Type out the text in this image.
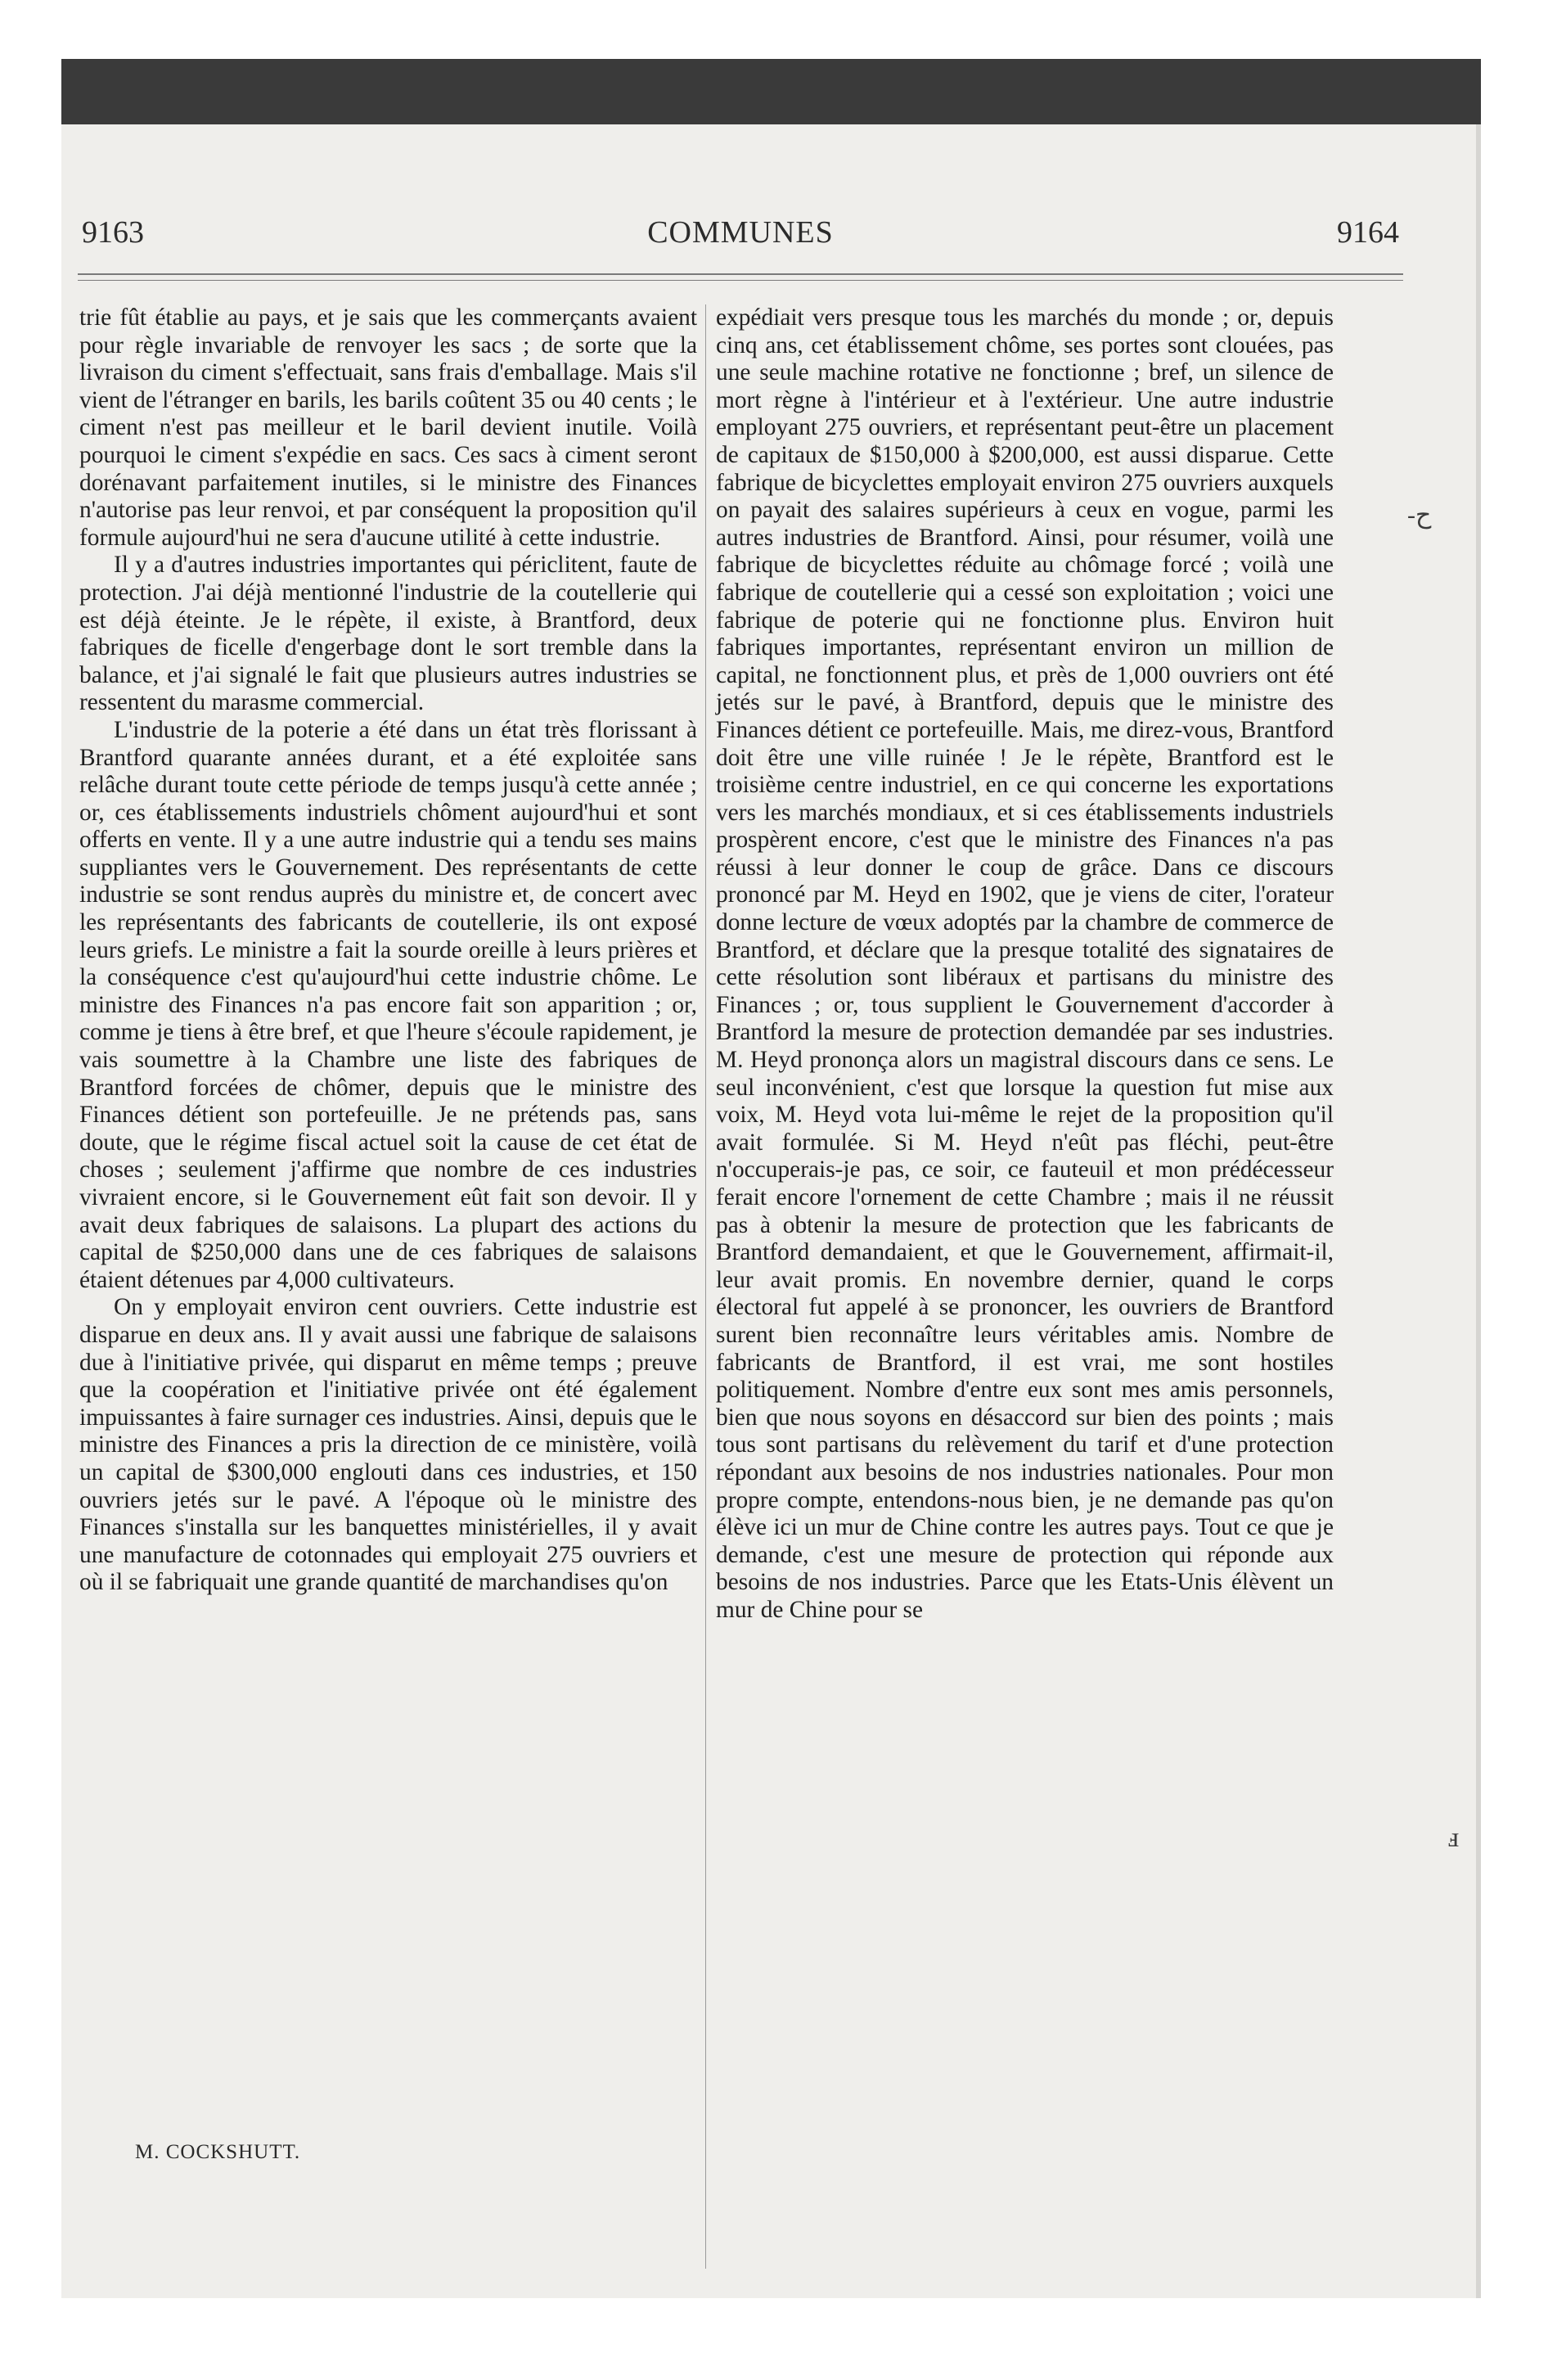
9163	COMMUNES	9164

trie fût établie au pays, et je sais que les commerçants avaient pour règle invariable de renvoyer les sacs ; de sorte que la livraison du ciment s'effectuait, sans frais d'emballage. Mais s'il vient de l'étranger en barils, les barils coûtent 35 ou 40 cents ; le ciment n'est pas meilleur et le baril devient inutile. Voilà pourquoi le ciment s'expédie en sacs. Ces sacs à ciment seront dorénavant parfaitement inutiles, si le ministre des Finances n'autorise pas leur renvoi, et par conséquent la proposition qu'il formule aujourd'hui ne sera d'aucune utilité à cette industrie.

Il y a d'autres industries importantes qui périclitent, faute de protection. J'ai déjà mentionné l'industrie de la coutellerie qui est déjà éteinte. Je le répète, il existe, à Brantford, deux fabriques de ficelle d'engerbage dont le sort tremble dans la balance, et j'ai signalé le fait que plusieurs autres industries se ressentent du marasme commercial.

L'industrie de la poterie a été dans un état très florissant à Brantford quarante années durant, et a été exploitée sans relâche durant toute cette période de temps jusqu'à cette année ; or, ces établissements industriels chôment aujourd'hui et sont offerts en vente. Il y a une autre industrie qui a tendu ses mains suppliantes vers le Gouvernement. Des représentants de cette industrie se sont rendus auprès du ministre et, de concert avec les représentants des fabricants de coutellerie, ils ont exposé leurs griefs. Le ministre a fait la sourde oreille à leurs prières et la conséquence c'est qu'aujourd'hui cette industrie chôme. Le ministre des Finances n'a pas encore fait son apparition ; or, comme je tiens à être bref, et que l'heure s'écoule rapidement, je vais soumettre à la Chambre une liste des fabriques de Brantford forcées de chômer, depuis que le ministre des Finances détient son portefeuille. Je ne prétends pas, sans doute, que le régime fiscal actuel soit la cause de cet état de choses ; seulement j'affirme que nombre de ces industries vivraient encore, si le Gouvernement eût fait son devoir. Il y avait deux fabriques de salaisons. La plupart des actions du capital de $250,000 dans une de ces fabriques de salaisons étaient détenues par 4,000 cultivateurs.

On y employait environ cent ouvriers. Cette industrie est disparue en deux ans. Il y avait aussi une fabrique de salaisons due à l'initiative privée, qui disparut en même temps ; preuve que la coopération et l'initiative privée ont été également impuissantes à faire surnager ces industries. Ainsi, depuis que le ministre des Finances a pris la direction de ce ministère, voilà un capital de $300,000 englouti dans ces industries, et 150 ouvriers jetés sur le pavé. A l'époque où le ministre des Finances s'installa sur les banquettes ministérielles, il y avait une manufacture de cotonnades qui employait 275 ouvriers et où il se fabriquait une grande quantité de marchandises qu'on

expédiait vers presque tous les marchés du monde ; or, depuis cinq ans, cet établissement chôme, ses portes sont clouées, pas une seule machine rotative ne fonctionne ; bref, un silence de mort règne à l'intérieur et à l'extérieur. Une autre industrie employant 275 ouvriers, et représentant peut-être un placement de capitaux de $150,000 à $200,000, est aussi disparue. Cette fabrique de bicyclettes employait environ 275 ouvriers auxquels on payait des salaires supérieurs à ceux en vogue, parmi les autres industries de Brantford. Ainsi, pour résumer, voilà une fabrique de bicyclettes réduite au chômage forcé ; voilà une fabrique de coutellerie qui a cessé son exploitation ; voici une fabrique de poterie qui ne fonctionne plus. Environ huit fabriques importantes, représentant environ un million de capital, ne fonctionnent plus, et près de 1,000 ouvriers ont été jetés sur le pavé, à Brantford, depuis que le ministre des Finances détient ce portefeuille. Mais, me direz-vous, Brantford doit être une ville ruinée ! Je le répète, Brantford est le troisième centre industriel, en ce qui concerne les exportations vers les marchés mondiaux, et si ces établissements industriels prospèrent encore, c'est que le ministre des Finances n'a pas réussi à leur donner le coup de grâce. Dans ce discours prononcé par M. Heyd en 1902, que je viens de citer, l'orateur donne lecture de vœux adoptés par la chambre de commerce de Brantford, et déclare que la presque totalité des signataires de cette résolution sont libéraux et partisans du ministre des Finances ; or, tous supplient le Gouvernement d'accorder à Brantford la mesure de protection demandée par ses industries. M. Heyd prononça alors un magistral discours dans ce sens. Le seul inconvénient, c'est que lorsque la question fut mise aux voix, M. Heyd vota lui-même le rejet de la proposition qu'il avait formulée. Si M. Heyd n'eût pas fléchi, peut-être n'occuperais-je pas, ce soir, ce fauteuil et mon prédécesseur ferait encore l'ornement de cette Chambre ; mais il ne réussit pas à obtenir la mesure de protection que les fabricants de Brantford demandaient, et que le Gouvernement, affirmait-il, leur avait promis. En novembre dernier, quand le corps électoral fut appelé à se prononcer, les ouvriers de Brantford surent bien reconnaître leurs véritables amis. Nombre de fabricants de Brantford, il est vrai, me sont hostiles politiquement. Nombre d'entre eux sont mes amis personnels, bien que nous soyons en désaccord sur bien des points ; mais tous sont partisans du relèvement du tarif et d'une protection répondant aux besoins de nos industries nationales. Pour mon propre compte, entendons-nous bien, je ne demande pas qu'on élève ici un mur de Chine contre les autres pays. Tout ce que je demande, c'est une mesure de protection qui réponde aux besoins de nos industries. Parce que les Etats-Unis élèvent un mur de Chine pour se

M. COCKSHUTT.
-ح
ⅎ
